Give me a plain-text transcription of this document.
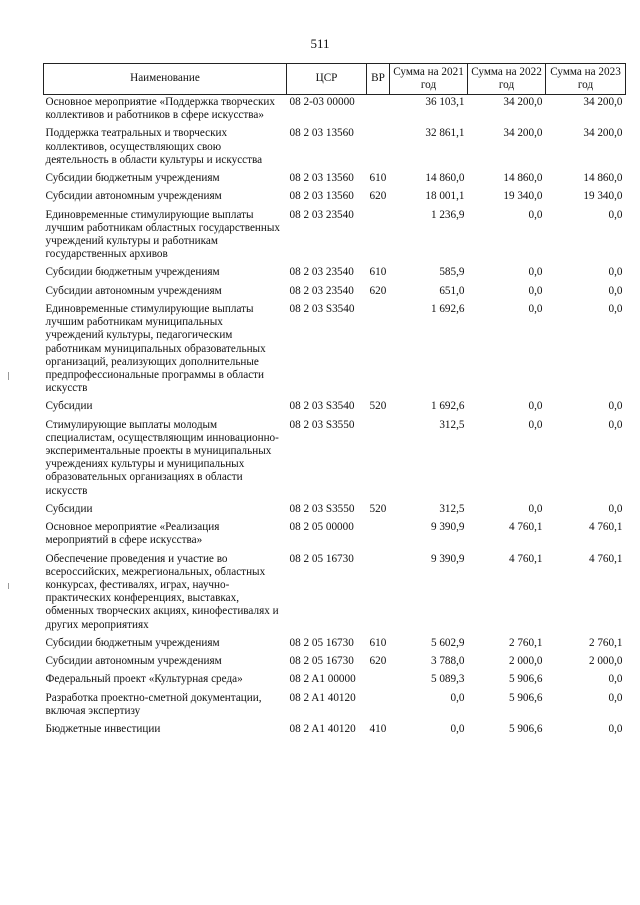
511
Наименование	ЦСР	ВР	Сумма на 2021 год	Сумма на 2022 год	Сумма на 2023 год
Основное мероприятие «Поддержка творческих коллективов и работников в сфере искусства»	08 2-03 00000		36 103,1	34 200,0	34 200,0
Поддержка театральных и творческих коллективов, осуществляющих свою деятельность в области культуры и искусства	08 2 03 13560		32 861,1	34 200,0	34 200,0
Субсидии бюджетным учреждениям	08 2 03 13560	610	14 860,0	14 860,0	14 860,0
Субсидии автономным учреждениям	08 2 03 13560	620	18 001,1	19 340,0	19 340,0
Единовременные стимулирующие выплаты лучшим работникам областных государственных учреждений культуры и работникам государственных архивов	08 2 03 23540		1 236,9	0,0	0,0
Субсидии бюджетным учреждениям	08 2 03 23540	610	585,9	0,0	0,0
Субсидии автономным учреждениям	08 2 03 23540	620	651,0	0,0	0,0
Единовременные стимулирующие выплаты лучшим работникам муниципальных учреждений культуры, педагогическим работникам муниципальных образовательных организаций, реализующих дополнительные предпрофессиональные программы в области искусств	08 2 03 S3540		1 692,6	0,0	0,0
Субсидии	08 2 03 S3540	520	1 692,6	0,0	0,0
Стимулирующие выплаты молодым специалистам, осуществляющим инновационно-экспериментальные проекты в муниципальных учреждениях культуры и муниципальных образовательных организациях в области искусств	08 2 03 S3550		312,5	0,0	0,0
Субсидии	08 2 03 S3550	520	312,5	0,0	0,0
Основное мероприятие «Реализация мероприятий в сфере искусства»	08 2 05 00000		9 390,9	4 760,1	4 760,1
Обеспечение проведения и участие во всероссийских, межрегиональных, областных конкурсах, фестивалях, играх, научно-практических конференциях, выставках, обменных творческих акциях, кинофестивалях и других мероприятиях	08 2 05 16730		9 390,9	4 760,1	4 760,1
Субсидии бюджетным учреждениям	08 2 05 16730	610	5 602,9	2 760,1	2 760,1
Субсидии автономным учреждениям	08 2 05 16730	620	3 788,0	2 000,0	2 000,0
Федеральный проект «Культурная среда»	08 2 A1 00000		5 089,3	5 906,6	0,0
Разработка проектно-сметной документации, включая экспертизу	08 2 A1 40120		0,0	5 906,6	0,0
Бюджетные инвестиции	08 2 A1 40120	410	0,0	5 906,6	0,0
